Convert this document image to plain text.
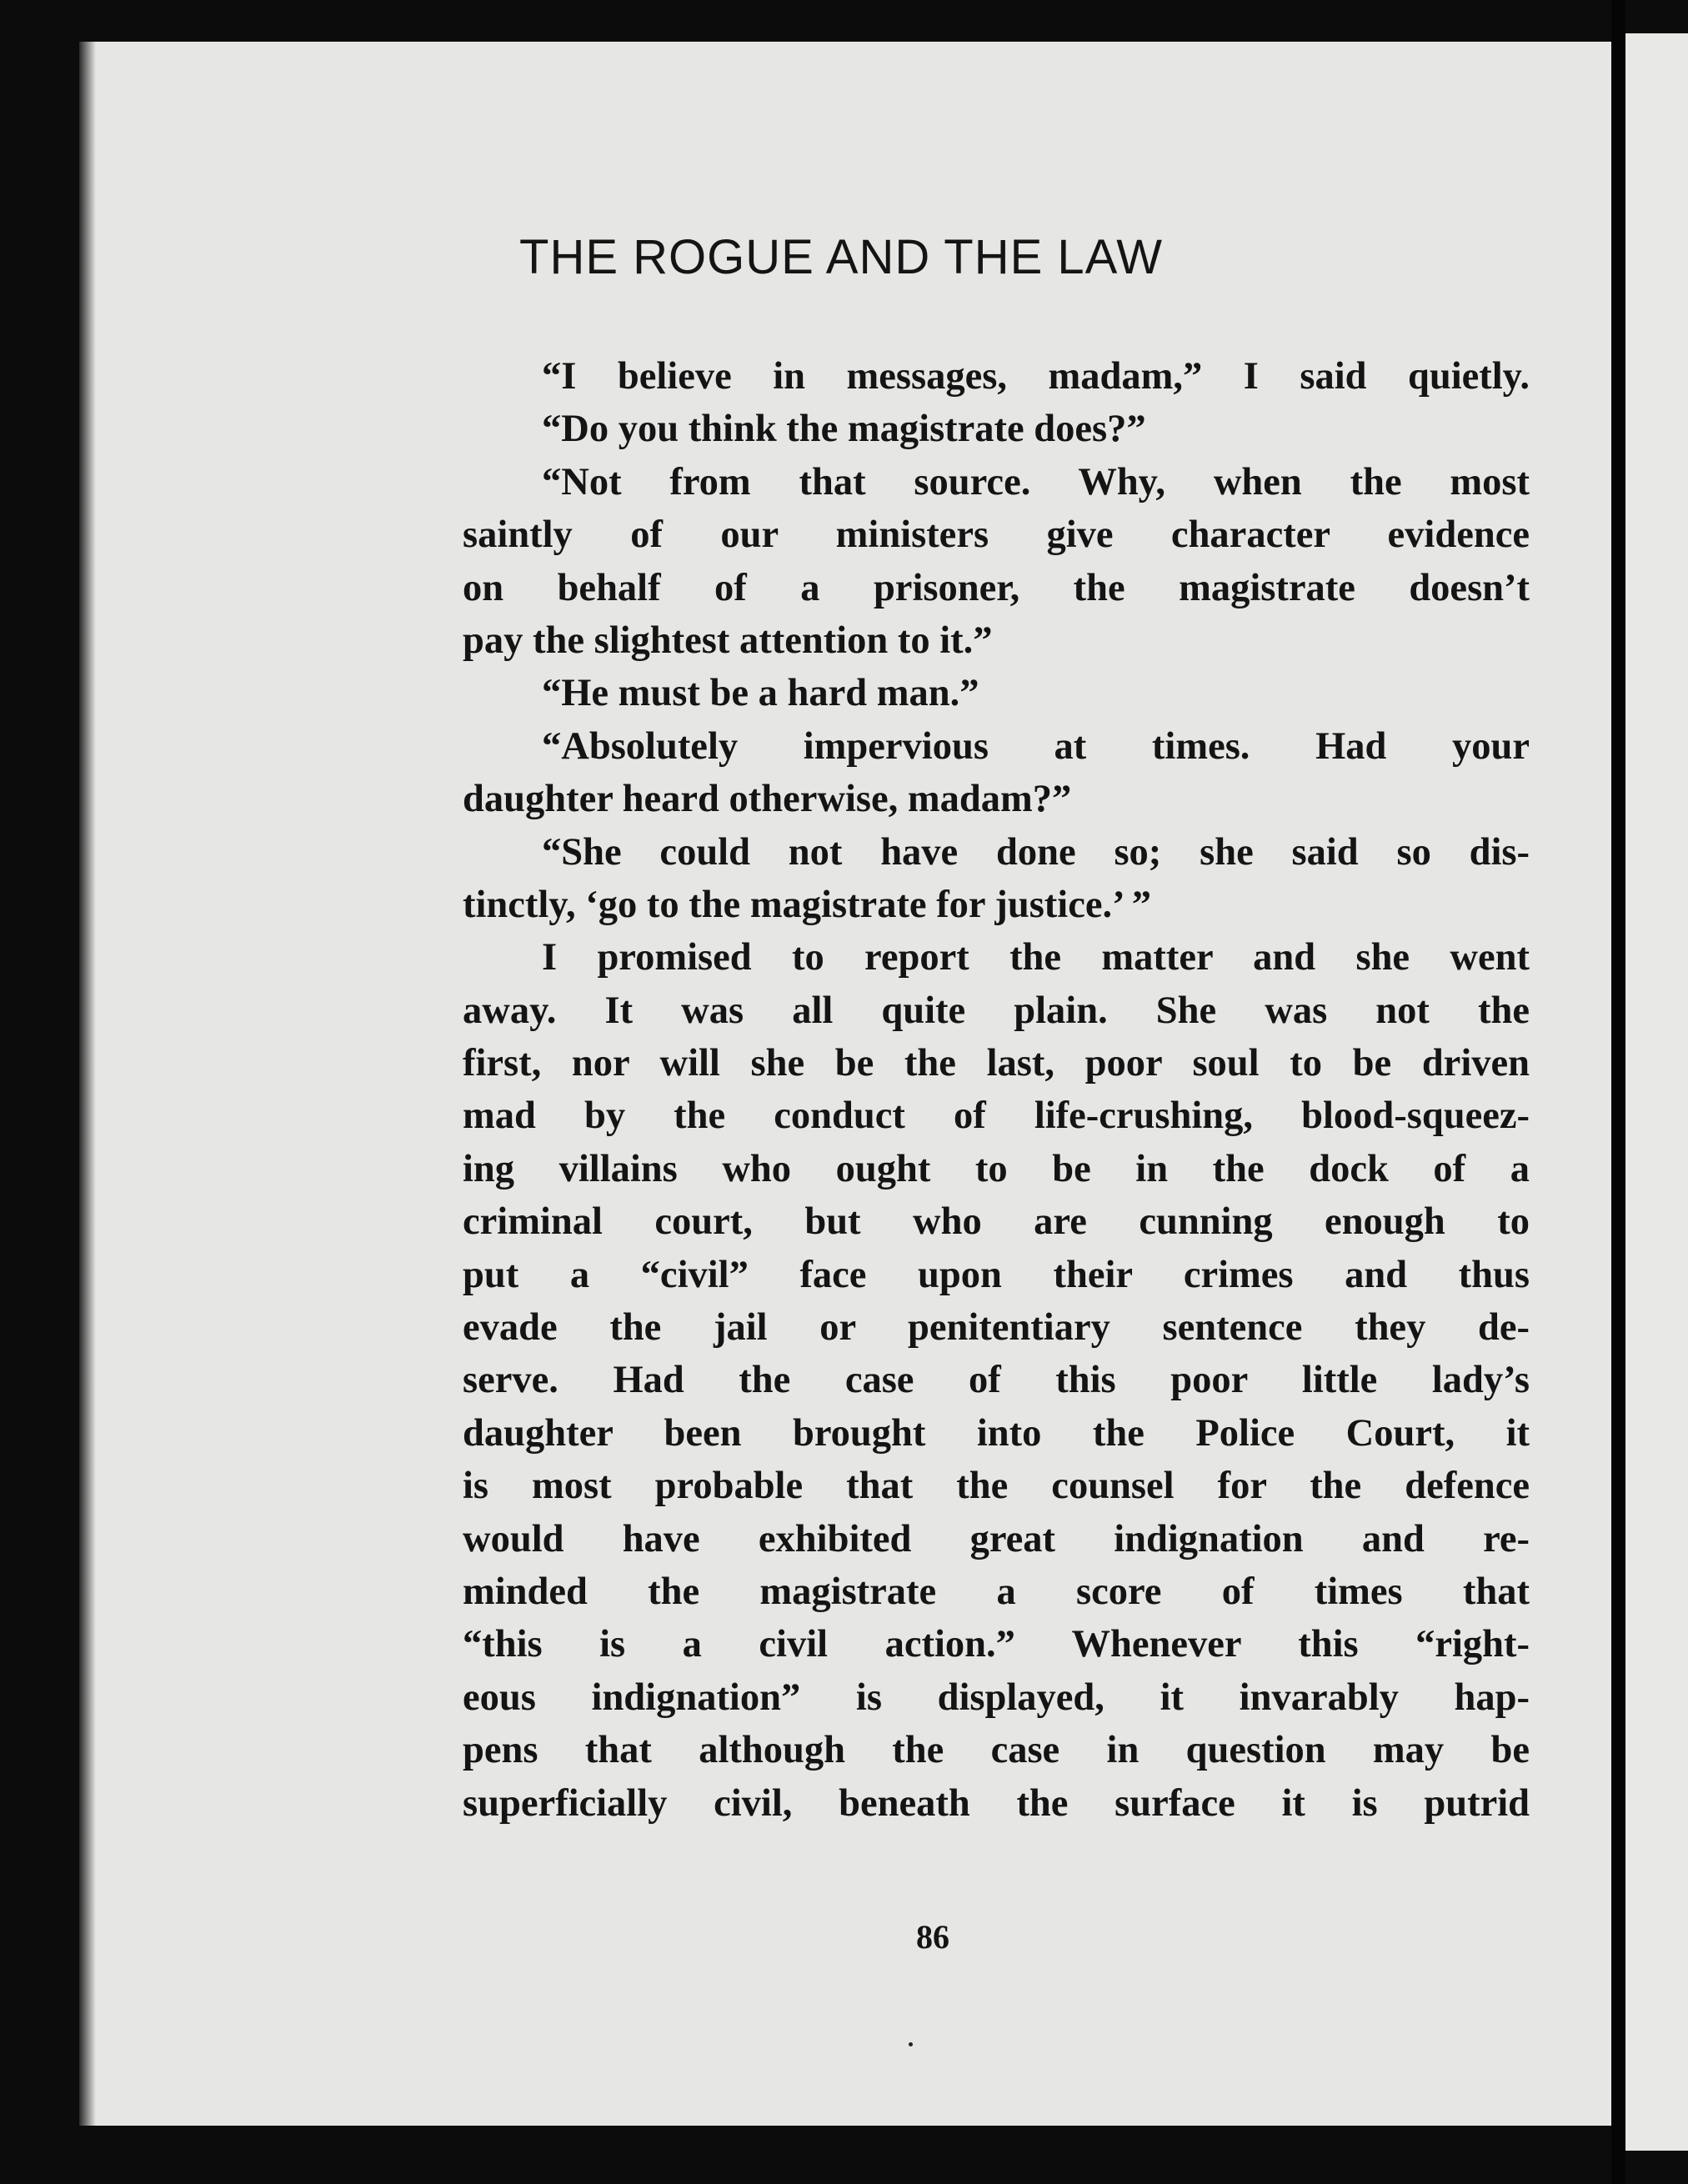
THE ROGUE AND THE LAW
“I believe in messages, madam,” I said quietly.
“Do you think the magistrate does?”
“Not from that source. Why, when the most
saintly of our ministers give character evidence
on behalf of a prisoner, the magistrate doesn’t
pay the slightest attention to it.”
“He must be a hard man.”
“Absolutely impervious at times. Had your
daughter heard otherwise, madam?”
“She could not have done so; she said so dis-
tinctly, ‘go to the magistrate for justice.’ ”
I promised to report the matter and she went
away. It was all quite plain. She was not the
first, nor will she be the last, poor soul to be driven
mad by the conduct of life-crushing, blood-squeez-
ing villains who ought to be in the dock of a
criminal court, but who are cunning enough to
put a “civil” face upon their crimes and thus
evade the jail or penitentiary sentence they de-
serve. Had the case of this poor little lady’s
daughter been brought into the Police Court, it
is most probable that the counsel for the defence
would have exhibited great indignation and re-
minded the magistrate a score of times that
“this is a civil action.” Whenever this “right-
eous indignation” is displayed, it invarably hap-
pens that although the case in question may be
superficially civil, beneath the surface it is putrid
86
